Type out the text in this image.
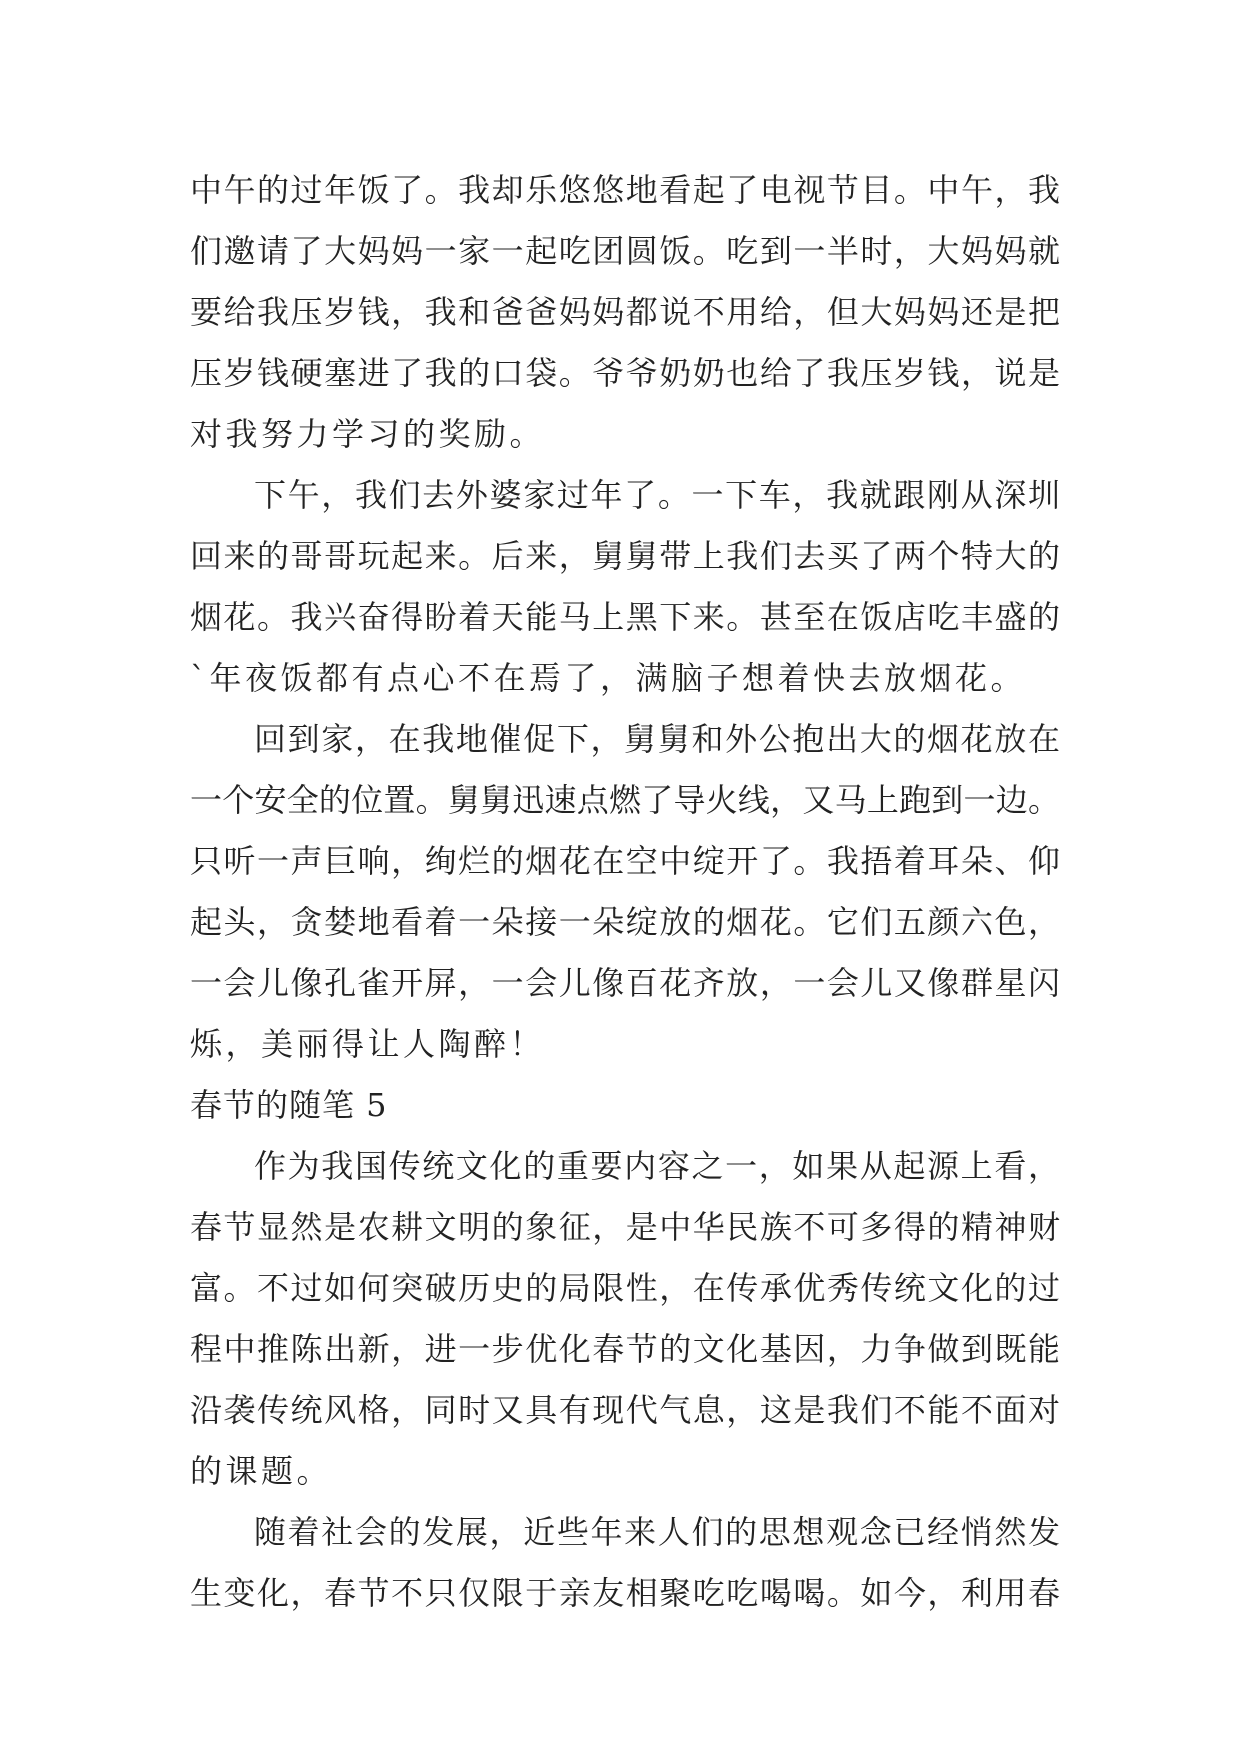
中午的过年饭了。我却乐悠悠地看起了电视节目。中午，我
们邀请了大妈妈一家一起吃团圆饭。吃到一半时，大妈妈就
要给我压岁钱，我和爸爸妈妈都说不用给，但大妈妈还是把
压岁钱硬塞进了我的口袋。爷爷奶奶也给了我压岁钱，说是
对我努力学习的奖励。
下午，我们去外婆家过年了。一下车，我就跟刚从深圳
回来的哥哥玩起来。后来，舅舅带上我们去买了两个特大的
烟花。我兴奋得盼着天能马上黑下来。甚至在饭店吃丰盛的
`年夜饭都有点心不在焉了，满脑子想着快去放烟花。
回到家，在我地催促下，舅舅和外公抱出大的烟花放在
一个安全的位置。舅舅迅速点燃了导火线，又马上跑到一边。
只听一声巨响，绚烂的烟花在空中绽开了。我捂着耳朵、仰
起头，贪婪地看着一朵接一朵绽放的烟花。它们五颜六色，
一会儿像孔雀开屏，一会儿像百花齐放，一会儿又像群星闪
烁，美丽得让人陶醉！
春节的随笔 5
作为我国传统文化的重要内容之一，如果从起源上看，
春节显然是农耕文明的象征，是中华民族不可多得的精神财
富。不过如何突破历史的局限性，在传承优秀传统文化的过
程中推陈出新，进一步优化春节的文化基因，力争做到既能
沿袭传统风格，同时又具有现代气息，这是我们不能不面对
的课题。
随着社会的发展，近些年来人们的思想观念已经悄然发
生变化，春节不只仅限于亲友相聚吃吃喝喝。如今，利用春
